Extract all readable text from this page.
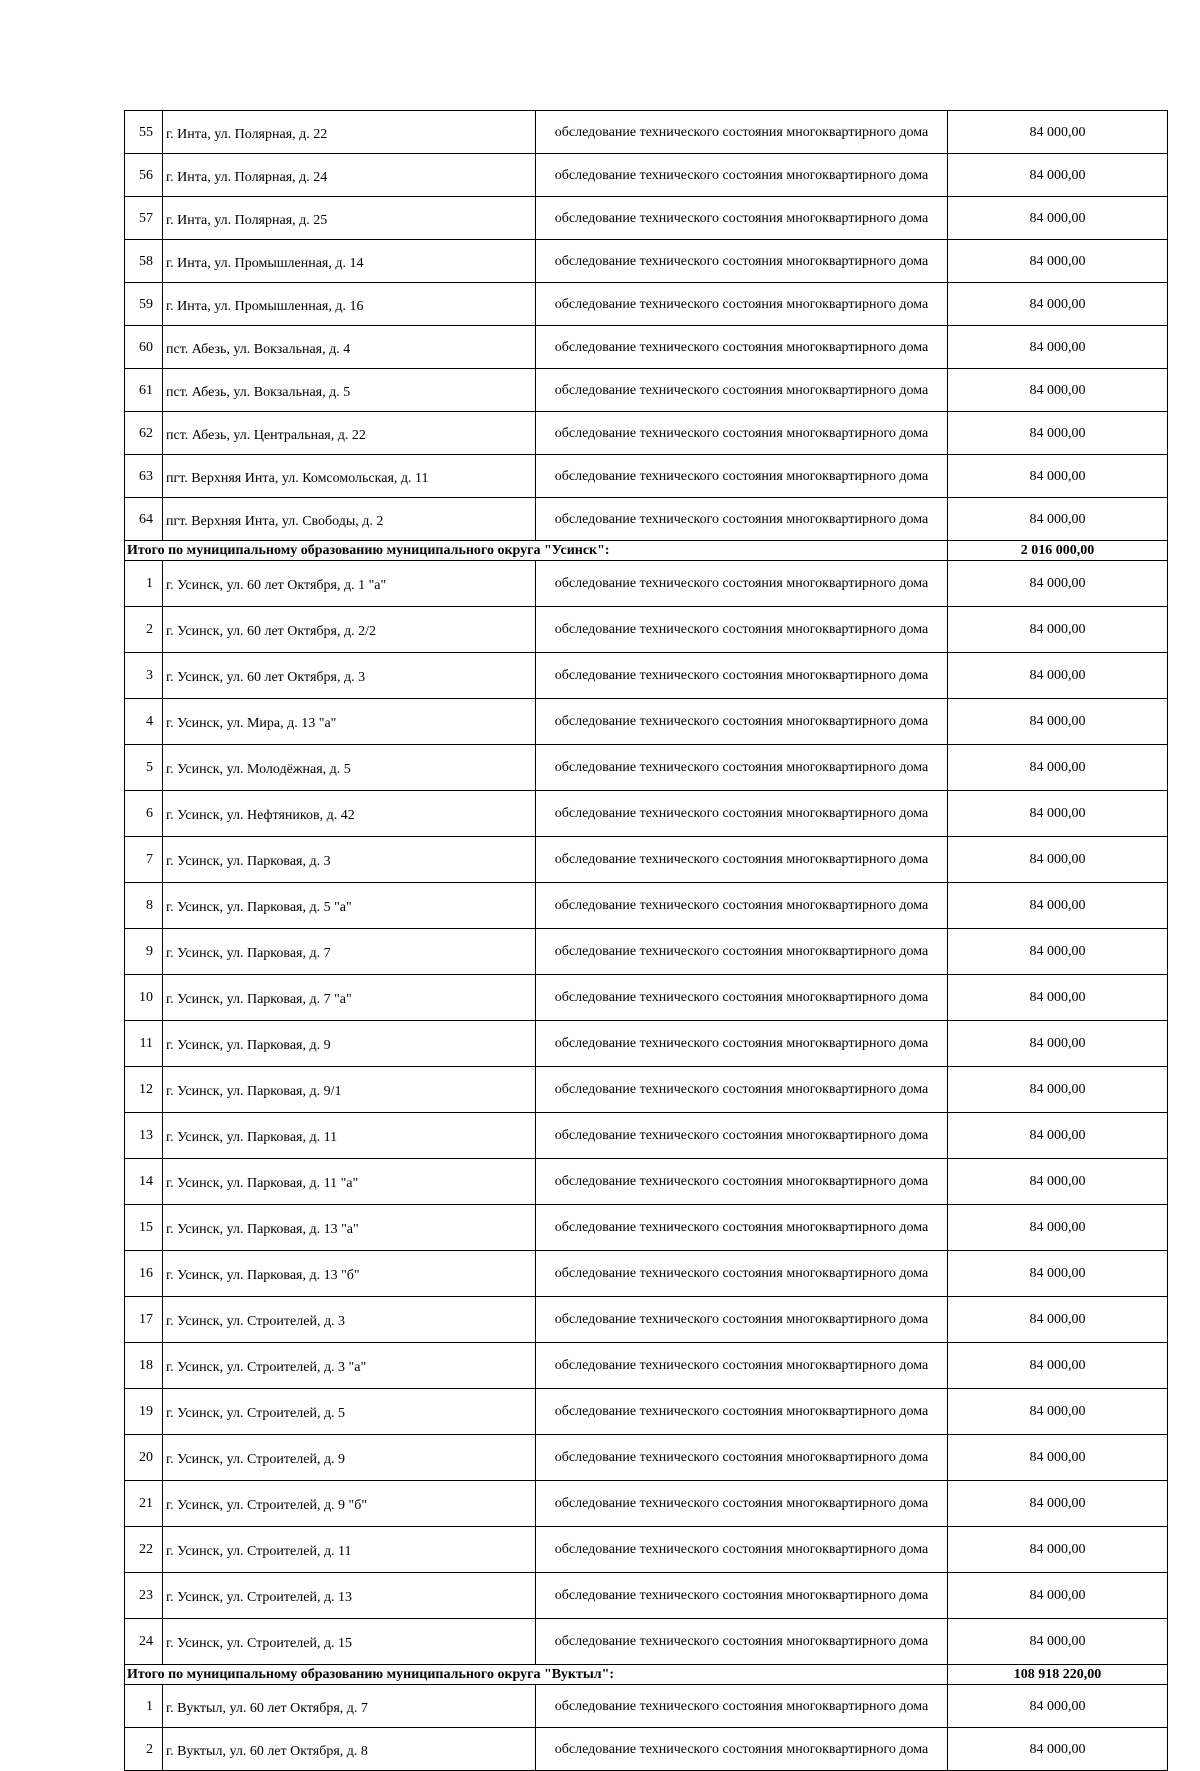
55	г. Инта, ул. Полярная, д. 22	обследование технического состояния многоквартирного дома	84 000,00
56	г. Инта, ул. Полярная, д. 24	обследование технического состояния многоквартирного дома	84 000,00
57	г. Инта, ул. Полярная, д. 25	обследование технического состояния многоквартирного дома	84 000,00
58	г. Инта, ул. Промышленная, д. 14	обследование технического состояния многоквартирного дома	84 000,00
59	г. Инта, ул. Промышленная, д. 16	обследование технического состояния многоквартирного дома	84 000,00
60	пст. Абезь, ул. Вокзальная, д. 4	обследование технического состояния многоквартирного дома	84 000,00
61	пст. Абезь, ул. Вокзальная, д. 5	обследование технического состояния многоквартирного дома	84 000,00
62	пст. Абезь, ул. Центральная, д. 22	обследование технического состояния многоквартирного дома	84 000,00
63	пгт. Верхняя Инта, ул. Комсомольская, д. 11	обследование технического состояния многоквартирного дома	84 000,00
64	пгт. Верхняя Инта, ул. Свободы, д. 2	обследование технического состояния многоквартирного дома	84 000,00
Итого по муниципальному образованию муниципального округа "Усинск":			2 016 000,00
1	г. Усинск, ул. 60 лет Октября, д. 1 "а"	обследование технического состояния многоквартирного дома	84 000,00
2	г. Усинск, ул. 60 лет Октября, д. 2/2	обследование технического состояния многоквартирного дома	84 000,00
3	г. Усинск, ул. 60 лет Октября, д. 3	обследование технического состояния многоквартирного дома	84 000,00
4	г. Усинск, ул. Мира, д. 13 "а"	обследование технического состояния многоквартирного дома	84 000,00
5	г. Усинск, ул. Молодёжная, д. 5	обследование технического состояния многоквартирного дома	84 000,00
6	г. Усинск, ул. Нефтяников, д. 42	обследование технического состояния многоквартирного дома	84 000,00
7	г. Усинск, ул. Парковая, д. 3	обследование технического состояния многоквартирного дома	84 000,00
8	г. Усинск, ул. Парковая, д. 5 "а"	обследование технического состояния многоквартирного дома	84 000,00
9	г. Усинск, ул. Парковая, д. 7	обследование технического состояния многоквартирного дома	84 000,00
10	г. Усинск, ул. Парковая, д. 7 "а"	обследование технического состояния многоквартирного дома	84 000,00
11	г. Усинск, ул. Парковая, д. 9	обследование технического состояния многоквартирного дома	84 000,00
12	г. Усинск, ул. Парковая, д. 9/1	обследование технического состояния многоквартирного дома	84 000,00
13	г. Усинск, ул. Парковая, д. 11	обследование технического состояния многоквартирного дома	84 000,00
14	г. Усинск, ул. Парковая, д. 11 "а"	обследование технического состояния многоквартирного дома	84 000,00
15	г. Усинск, ул. Парковая, д. 13 "а"	обследование технического состояния многоквартирного дома	84 000,00
16	г. Усинск, ул. Парковая, д. 13 "б"	обследование технического состояния многоквартирного дома	84 000,00
17	г. Усинск, ул. Строителей, д. 3	обследование технического состояния многоквартирного дома	84 000,00
18	г. Усинск, ул. Строителей, д. 3 "а"	обследование технического состояния многоквартирного дома	84 000,00
19	г. Усинск, ул. Строителей, д. 5	обследование технического состояния многоквартирного дома	84 000,00
20	г. Усинск, ул. Строителей, д. 9	обследование технического состояния многоквартирного дома	84 000,00
21	г. Усинск, ул. Строителей, д. 9 "б"	обследование технического состояния многоквартирного дома	84 000,00
22	г. Усинск, ул. Строителей, д. 11	обследование технического состояния многоквартирного дома	84 000,00
23	г. Усинск, ул. Строителей, д. 13	обследование технического состояния многоквартирного дома	84 000,00
24	г. Усинск, ул. Строителей, д. 15	обследование технического состояния многоквартирного дома	84 000,00
Итого по муниципальному образованию муниципального округа "Вуктыл":			108 918 220,00
1	г. Вуктыл, ул. 60 лет Октября, д. 7	обследование технического состояния многоквартирного дома	84 000,00
2	г. Вуктыл, ул. 60 лет Октября, д. 8	обследование технического состояния многоквартирного дома	84 000,00
